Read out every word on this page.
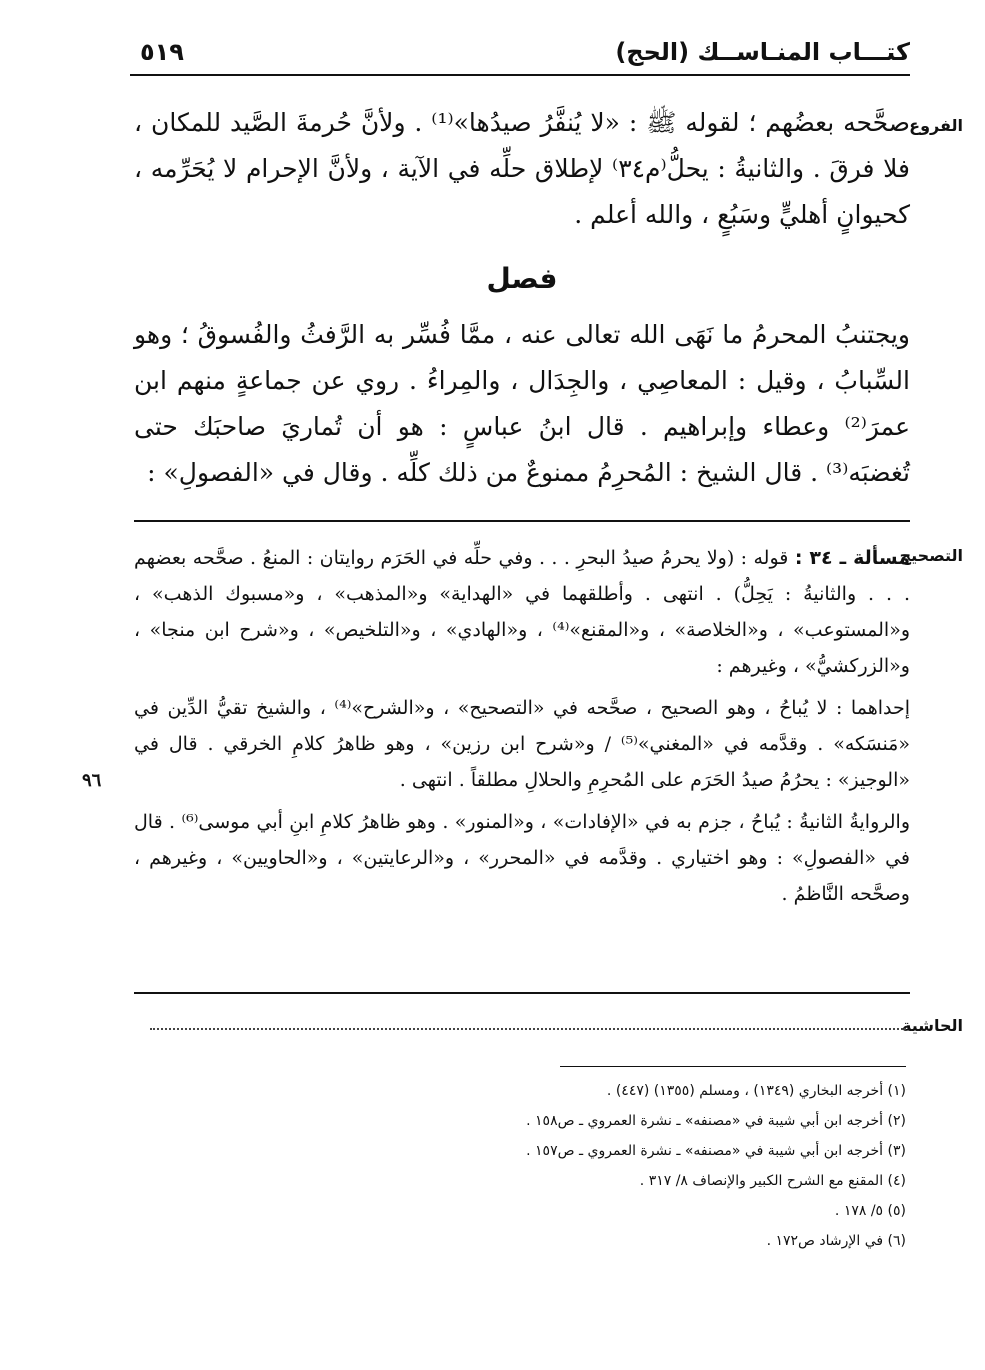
كتـــاب المنـاســك (الحج)
٥١٩
الفروع

صحَّحه بعضُهم ؛ لقوله ﷺ : «لا يُنفَّرُ صيدُها»⁽¹⁾ . ولأنَّ حُرمةَ الصَّيد للمكان ، فلا فرقَ . والثانيةُ : يحلُّ⁽م٣٤⁾ لإطلاق حلِّه في الآية ، ولأنَّ الإحرام لا يُحَرِّمه ، كحيوانٍ أهليٍّ وسَبُعٍ ، والله أعلم .

فصل

ويجتنبُ المحرمُ ما نَهَى الله تعالى عنه ، ممَّا فُسِّر به الرَّفثُ والفُسوقُ ؛ وهو السِّبابُ ، وقيل : المعاصِي ، والجِدَال ، والمِراءُ . روي عن جماعةٍ منهم ابن عمرَ⁽²⁾ وعطاء وإبراهيم . قال ابنُ عباسٍ : هو أن تُماريَ صاحبَك حتى تُغضبَه⁽³⁾ . قال الشيخ : المُحرِمُ ممنوعٌ من ذلك كلِّه . وقال في «الفصولِ» :

التصحيح

مسألة ـ ٣٤ : قوله : (ولا يحرمُ صيدُ البحرِ . . . وفي حلِّه في الحَرَم روايتان : المنعُ . صحَّحه بعضهم . . . والثانيةُ : يَحِلُّ) . انتهى . وأطلقهما في «الهداية» و«المذهب» ، و«مسبوك الذهب» ، و«المستوعب» ، و«الخلاصة» ، و«المقنع»⁽⁴⁾ ، و«الهادي» ، و«التلخيص» ، و«شرح ابن منجا» ، و«الزركشيُّ» ، وغيرهم :

إحداهما : لا يُباحُ ، وهو الصحيح ، صحَّحه في «التصحيح» ، و«الشرح»⁽⁴⁾ ، والشيخ تقيُّ الدِّين في «مَنسَكه» . وقدَّمه في «المغني»⁽⁵⁾ / و«شرح ابن رزين» ، وهو ظاهرُ كلامِ الخرقي . قال في «الوجيز» : يحرُمُ صيدُ الحَرَم على المُحرِمِ والحلالِ مطلقاً . انتهى .

والروايةُ الثانيةُ : يُباحُ ، جزم به في «الإفادات» ، و«المنور» . وهو ظاهرُ كلامِ ابنِ أبي موسى⁽⁶⁾ . قال في «الفصولِ» : وهو اختياري . وقدَّمه في «المحرر» ، و«الرعايتين» ، و«الحاويين» ، وغيرهم ، وصحَّحه النَّاظمُ .

٩٦
الحاشية
(١) أخرجه البخاري (١٣٤٩) ، ومسلم (١٣٥٥) (٤٤٧) .
(٢) أخرجه ابن أبي شيبة في «مصنفه» ـ نشرة العمروي ـ ص١٥٨ .
(٣) أخرجه ابن أبي شيبة في «مصنفه» ـ نشرة العمروي ـ ص١٥٧ .
(٤) المقنع مع الشرح الكبير والإنصاف ٨/ ٣١٧ .
(٥) ٥/ ١٧٨ .
(٦) في الإرشاد ص١٧٢ .
